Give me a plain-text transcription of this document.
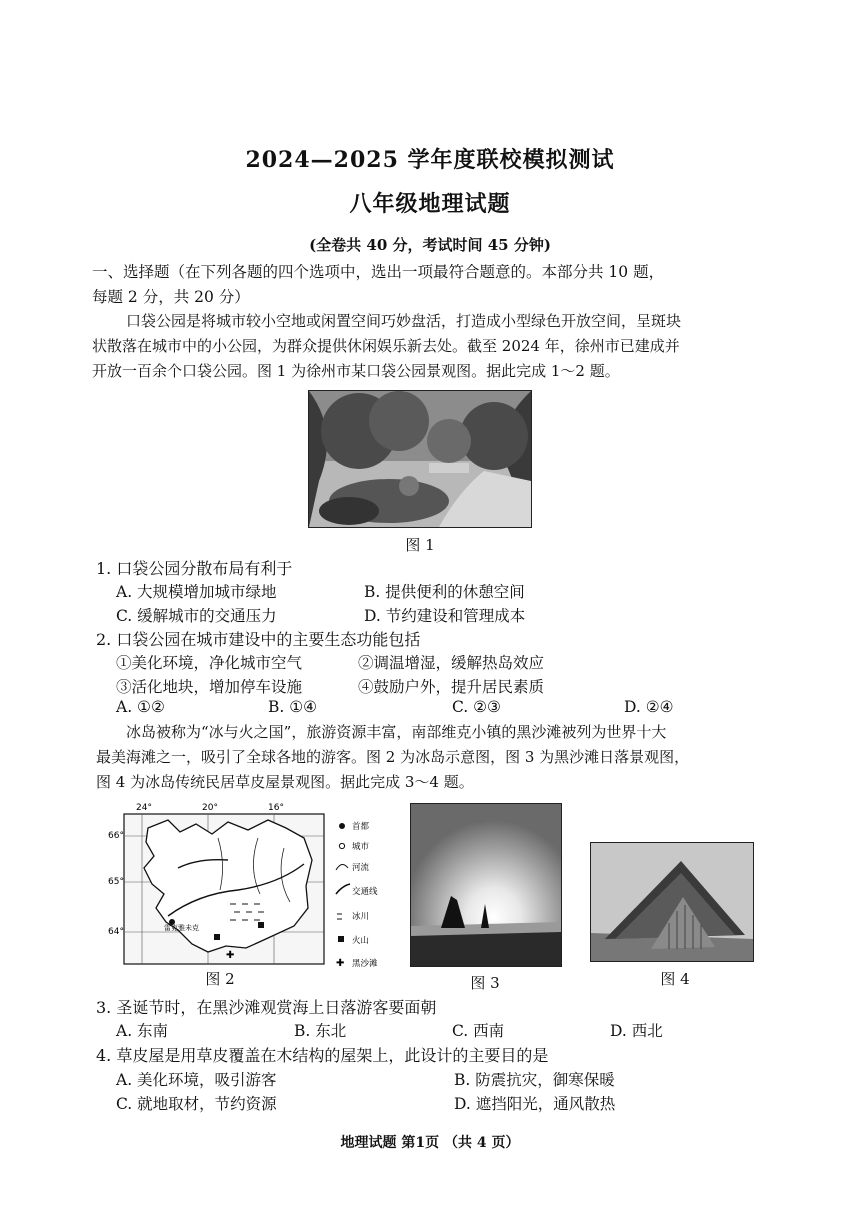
2024—2025 学年度联校模拟测试
八年级地理试题
(全卷共 40 分，考试时间 45 分钟)
一、选择题（在下列各题的四个选项中，选出一项最符合题意的。本部分共 10 题，
每题 2 分，共 20 分）
口袋公园是将城市较小空地或闲置空间巧妙盘活，打造成小型绿色开放空间，呈斑块
状散落在城市中的小公园，为群众提供休闲娱乐新去处。截至 2024 年，徐州市已建成并
开放一百余个口袋公园。图 1 为徐州市某口袋公园景观图。据此完成 1～2 题。
图 1
1. 口袋公园分散布局有利于
A. 大规模增加城市绿地	B. 提供便利的休憩空间
C. 缓解城市的交通压力	D. 节约建设和管理成本
2. 口袋公园在城市建设中的主要生态功能包括
①美化环境，净化城市空气	②调温增湿，缓解热岛效应
③活化地块，增加停车设施	④鼓励户外，提升居民素质
A. ①②	B. ①④	C. ②③	D. ②④
冰岛被称为“冰与火之国”，旅游资源丰富，南部维克小镇的黑沙滩被列为世界十大
最美海滩之一，吸引了全球各地的游客。图 2 为冰岛示意图，图 3 为黑沙滩日落景观图，
图 4 为冰岛传统民居草皮屋景观图。据此完成 3～4 题。
24°	20°	16°
66°
65°
64°	雷克雅未克
✚
首都
城市
河流
交通线
冰川
火山
✚ 黑沙滩
图 2	图 3	图 4
3. 圣诞节时，在黑沙滩观赏海上日落游客要面朝
A. 东南	B. 东北	C. 西南	D. 西北
4. 草皮屋是用草皮覆盖在木结构的屋架上，此设计的主要目的是
A. 美化环境，吸引游客	B. 防震抗灾，御寒保暖
C. 就地取材，节约资源	D. 遮挡阳光，通风散热
地理试题 第1页 （共 4 页）
